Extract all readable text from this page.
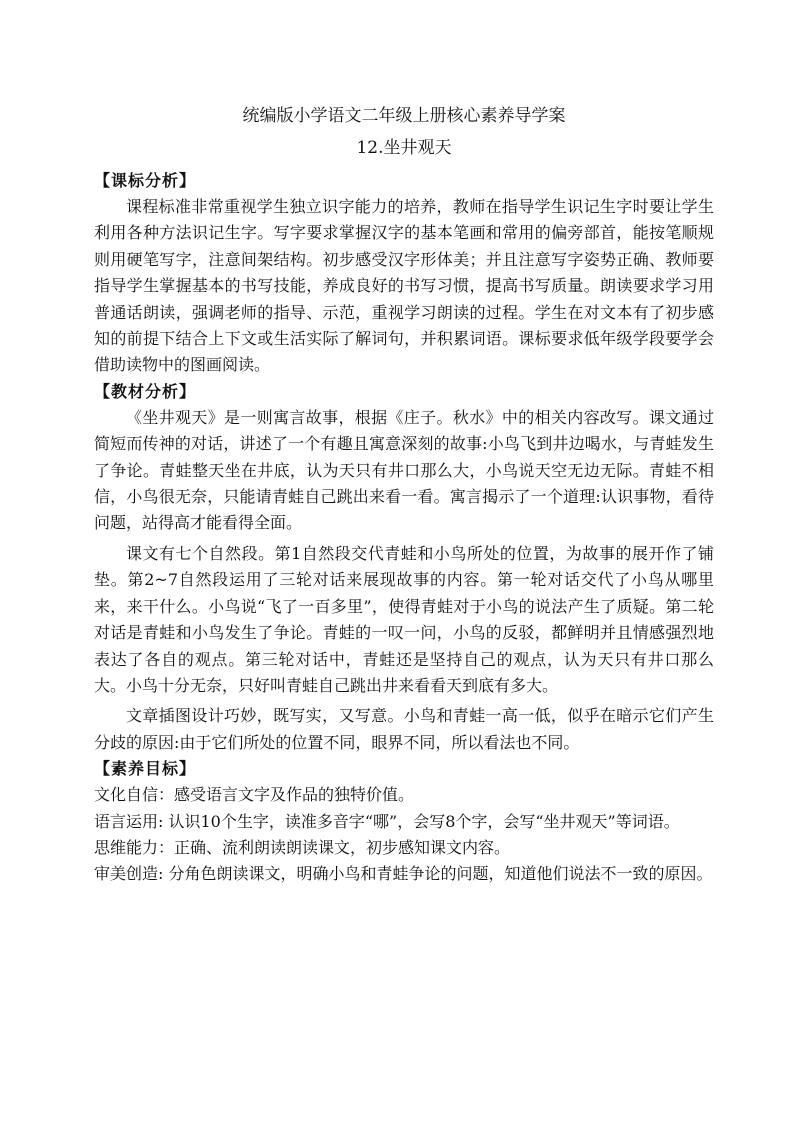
统编版小学语文二年级上册核心素养导学案
12.坐井观天

【课标分析】

课程标准非常重视学生独立识字能力的培养，教师在指导学生识记生字时要让学生利用各种方法识记生字。写字要求掌握汉字的基本笔画和常用的偏旁部首，能按笔顺规则用硬笔写字，注意间架结构。初步感受汉字形体美；并且注意写字姿势正确、教师要指导学生掌握基本的书写技能，养成良好的书写习惯，提高书写质量。朗读要求学习用普通话朗读，强调老师的指导、示范，重视学习朗读的过程。学生在对文本有了初步感知的前提下结合上下文或生活实际了解词句，并积累词语。课标要求低年级学段要学会借助读物中的图画阅读。

【教材分析】

《坐井观天》是一则寓言故事，根据《庄子。秋水》中的相关内容改写。课文通过简短而传神的对话，讲述了一个有趣且寓意深刻的故事:小鸟飞到井边喝水，与青蛙发生了争论。青蛙整天坐在井底，认为天只有井口那么大，小鸟说天空无边无际。青蛙不相信，小鸟很无奈，只能请青蛙自己跳出来看一看。寓言揭示了一个道理:认识事物，看待问题，站得高才能看得全面。

课文有七个自然段。第1自然段交代青蛙和小鸟所处的位置，为故事的展开作了铺垫。第2~7自然段运用了三轮对话来展现故事的内容。第一轮对话交代了小鸟从哪里来，来干什么。小鸟说“飞了一百多里”，使得青蛙对于小鸟的说法产生了质疑。第二轮对话是青蛙和小鸟发生了争论。青蛙的一叹一问，小鸟的反驳，都鲜明并且情感强烈地表达了各自的观点。第三轮对话中，青蛙还是坚持自己的观点，认为天只有井口那么大。小鸟十分无奈，只好叫青蛙自己跳出井来看看天到底有多大。

文章插图设计巧妙，既写实，又写意。小鸟和青蛙一高一低，似乎在暗示它们产生分歧的原因:由于它们所处的位置不同，眼界不同，所以看法也不同。

【素养目标】

文化自信：感受语言文字及作品的独特价值。

语言运用: 认识10个生字，读准多音字“哪”，会写8个字，会写“坐井观天”等词语。

思维能力：正确、流利朗读朗读课文，初步感知课文内容。

审美创造: 分角色朗读课文，明确小鸟和青蛙争论的问题，知道他们说法不一致的原因。
